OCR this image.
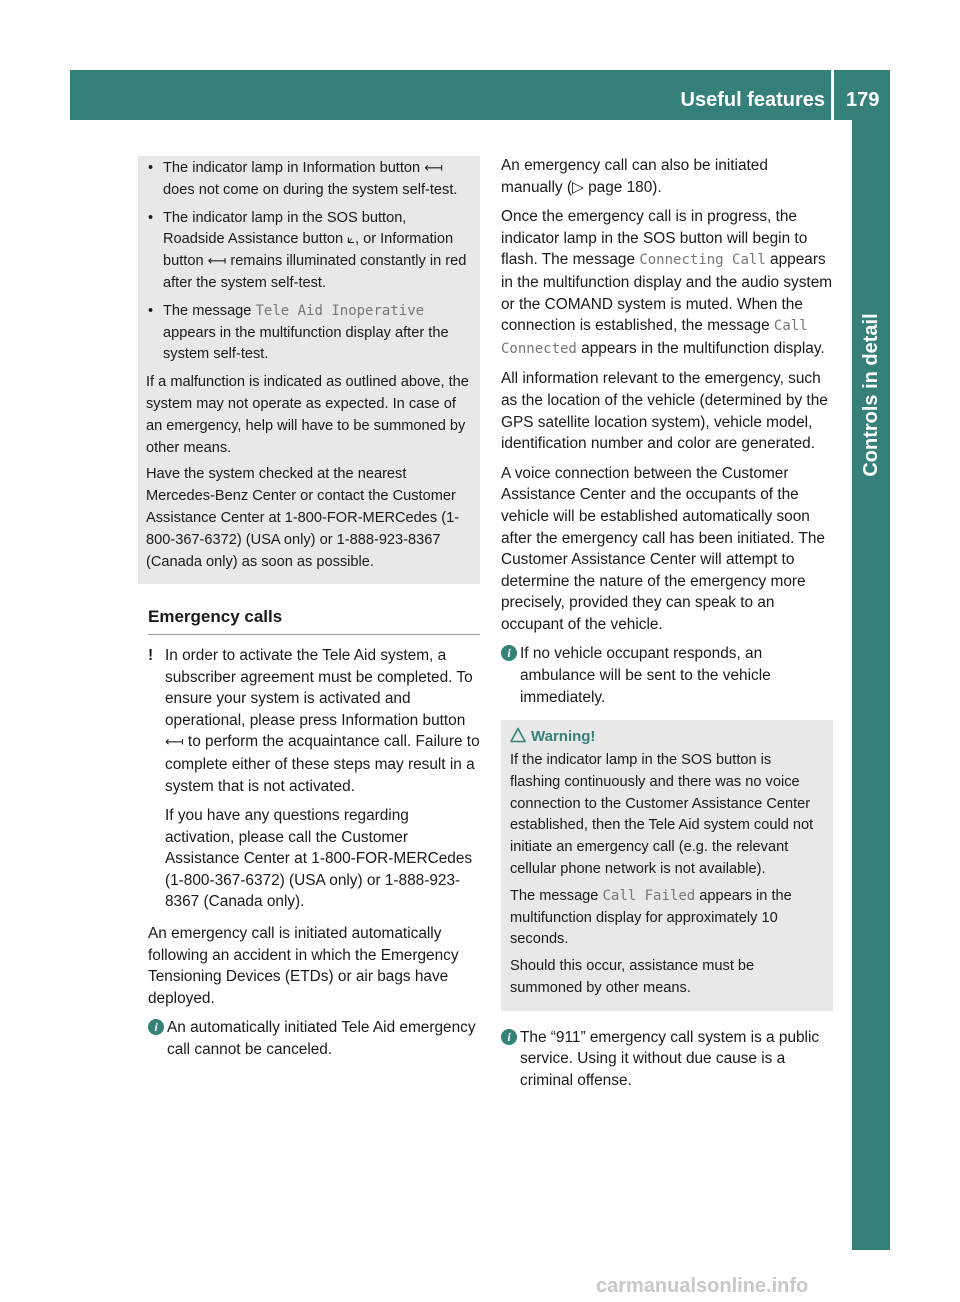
Useful features 179
Controls in detail
• The indicator lamp in Information button ⟻ does not come on during the system self-test.
• The indicator lamp in the SOS button, Roadside Assistance button ⟀, or Information button ⟻ remains illuminated constantly in red after the system self-test.
• The message Tele Aid Inoperative appears in the multifunction display after the system self-test.

If a malfunction is indicated as outlined above, the system may not operate as expected. In case of an emergency, help will have to be summoned by other means.

Have the system checked at the nearest Mercedes-Benz Center or contact the Customer Assistance Center at 1-800-FOR-MERCedes (1-800-367-6372) (USA only) or 1-888-923-8367 (Canada only) as soon as possible.

Emergency calls
! In order to activate the Tele Aid system, a subscriber agreement must be completed. To ensure your system is activated and operational, please press Information button ⟻ to perform the acquaintance call. Failure to complete either of these steps may result in a system that is not activated.

If you have any questions regarding activation, please call the Customer Assistance Center at 1-800-FOR-MERCedes (1-800-367-6372) (USA only) or 1-888-923-8367 (Canada only).

An emergency call is initiated automatically following an accident in which the Emergency Tensioning Devices (ETDs) or air bags have deployed.

i An automatically initiated Tele Aid emergency call cannot be canceled.

An emergency call can also be initiated manually (▷ page 180).

Once the emergency call is in progress, the indicator lamp in the SOS button will begin to flash. The message Connecting Call appears in the multifunction display and the audio system or the COMAND system is muted. When the connection is established, the message Call Connected appears in the multifunction display.

All information relevant to the emergency, such as the location of the vehicle (determined by the GPS satellite location system), vehicle model, identification number and color are generated.

A voice connection between the Customer Assistance Center and the occupants of the vehicle will be established automatically soon after the emergency call has been initiated. The Customer Assistance Center will attempt to determine the nature of the emergency more precisely, provided they can speak to an occupant of the vehicle.

i If no vehicle occupant responds, an ambulance will be sent to the vehicle immediately.
Warning!

If the indicator lamp in the SOS button is flashing continuously and there was no voice connection to the Customer Assistance Center established, then the Tele Aid system could not initiate an emergency call (e.g. the relevant cellular phone network is not available).

The message Call Failed appears in the multifunction display for approximately 10 seconds.

Should this occur, assistance must be summoned by other means.

i The “911” emergency call system is a public service. Using it without due cause is a criminal offense.
carmanualsonline.info
